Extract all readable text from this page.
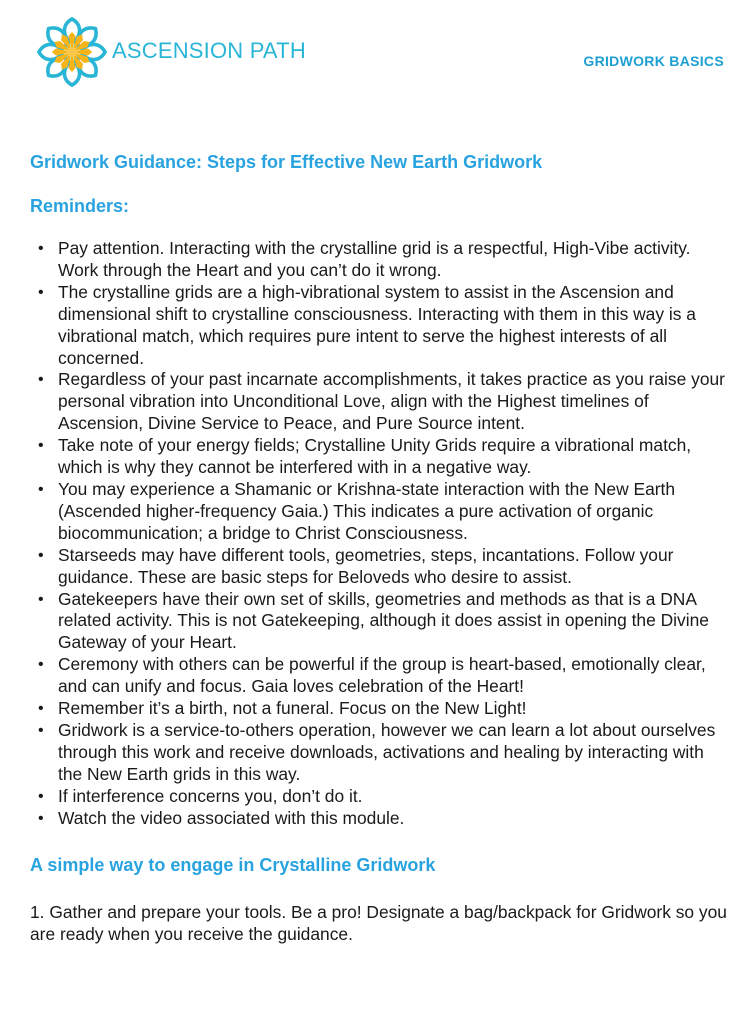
ASCENSION PATH	GRIDWORK BASICS
Gridwork Guidance: Steps for Effective New Earth Gridwork
Reminders:
• Pay attention. Interacting with the crystalline grid is a respectful, High-Vibe activity. Work through the Heart and you can’t do it wrong.
• The crystalline grids are a high-vibrational system to assist in the Ascension and dimensional shift to crystalline consciousness. Interacting with them in this way is a vibrational match, which requires pure intent to serve the highest interests of all concerned.
• Regardless of your past incarnate accomplishments, it takes practice as you raise your personal vibration into Unconditional Love, align with the Highest timelines of Ascension, Divine Service to Peace, and Pure Source intent.
• Take note of your energy fields; Crystalline Unity Grids require a vibrational match, which is why they cannot be interfered with in a negative way.
• You may experience a Shamanic or Krishna-state interaction with the New Earth (Ascended higher-frequency Gaia.) This indicates a pure activation of organic biocommunication; a bridge to Christ Consciousness.
• Starseeds may have different tools, geometries, steps, incantations. Follow your guidance. These are basic steps for Beloveds who desire to assist.
• Gatekeepers have their own set of skills, geometries and methods as that is a DNA related activity. This is not Gatekeeping, although it does assist in opening the Divine Gateway of your Heart.
• Ceremony with others can be powerful if the group is heart-based, emotionally clear, and can unify and focus. Gaia loves celebration of the Heart!
• Remember it’s a birth, not a funeral. Focus on the New Light!
• Gridwork is a service-to-others operation, however we can learn a lot about ourselves through this work and receive downloads, activations and healing by interacting with the New Earth grids in this way.
• If interference concerns you, don’t do it.
• Watch the video associated with this module.
A simple way to engage in Crystalline Gridwork

1. Gather and prepare your tools. Be a pro! Designate a bag/backpack for Gridwork so you are ready when you receive the guidance.
